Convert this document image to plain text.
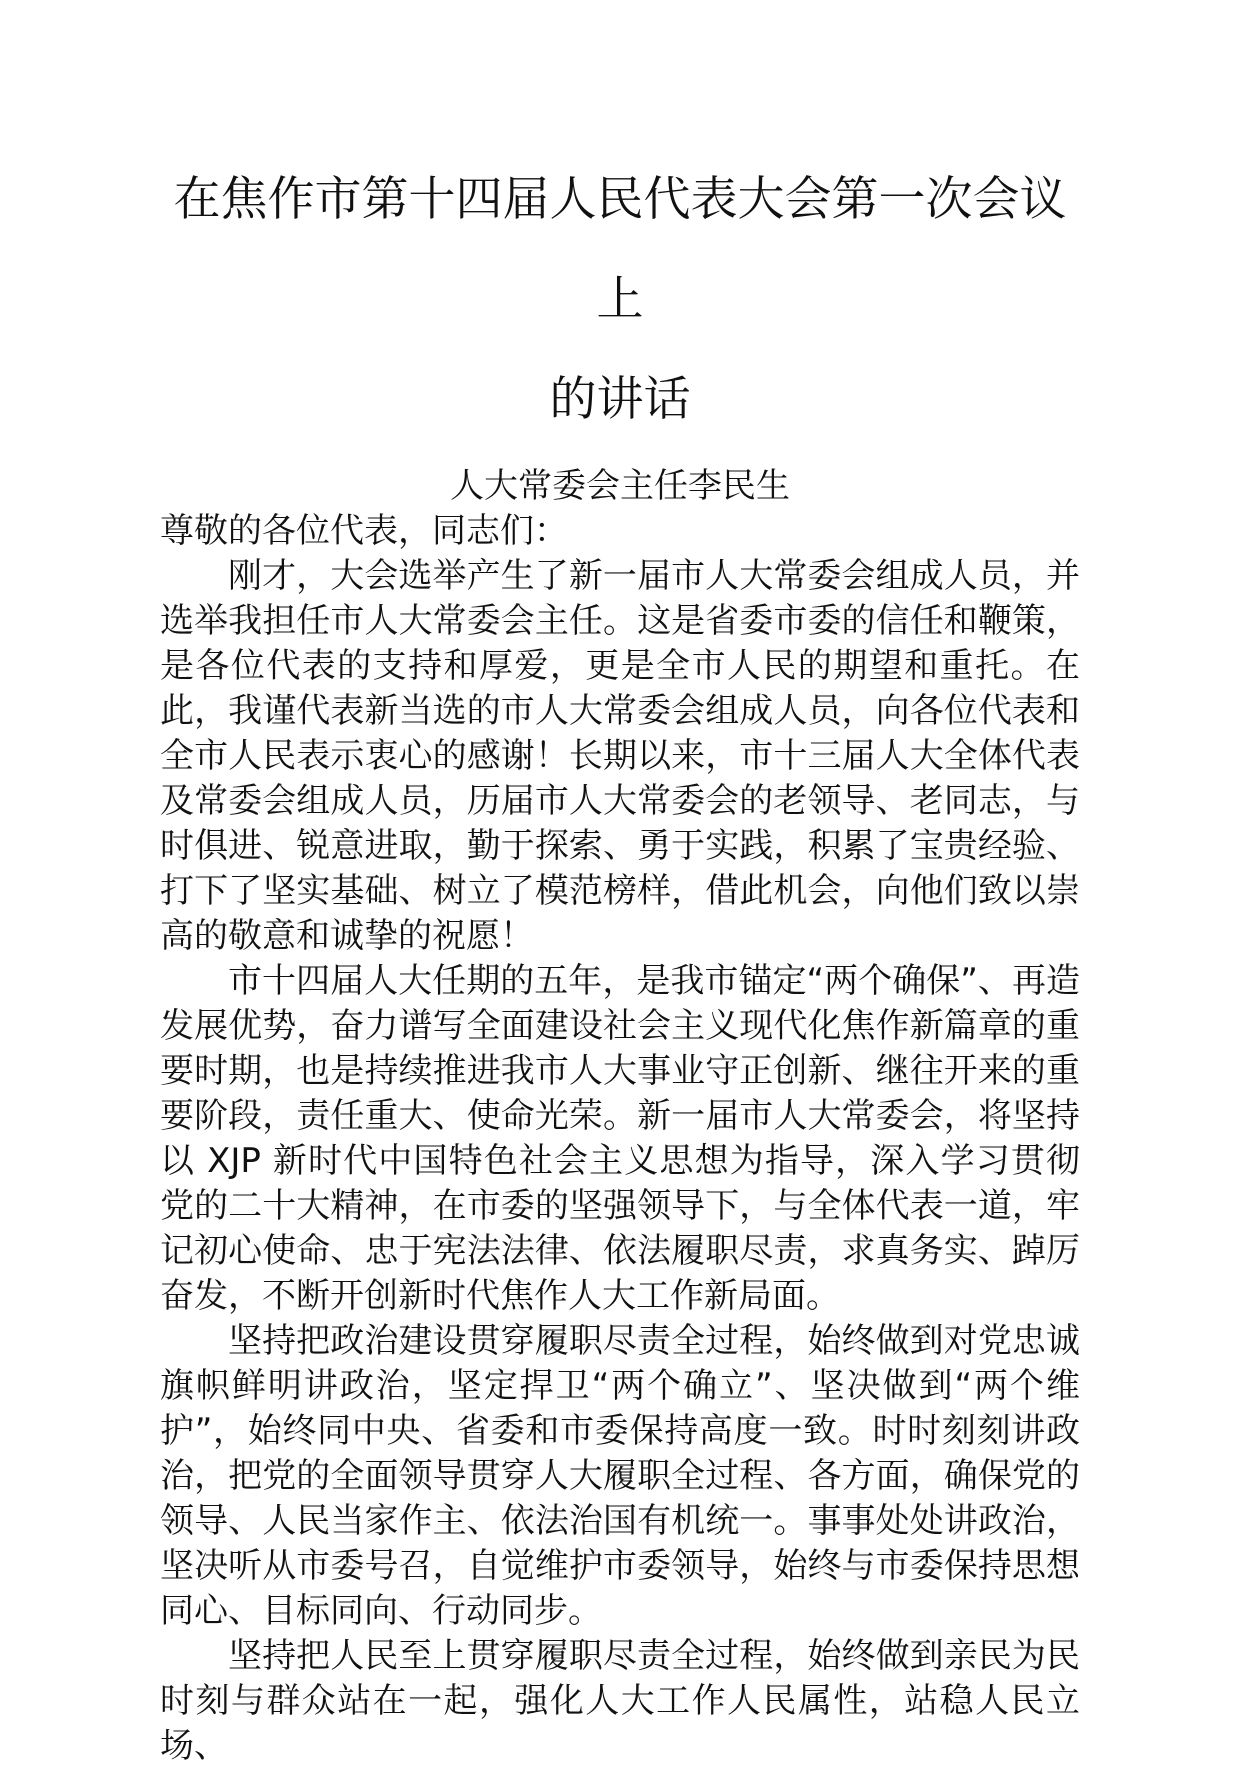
在焦作市第十四届人民代表大会第一次会议上
的讲话
人大常委会主任李民生
尊敬的各位代表，同志们：

刚才，大会选举产生了新一届市人大常委会组成人员，并选举我担任市人大常委会主任。这是省委市委的信任和鞭策，是各位代表的支持和厚爱，更是全市人民的期望和重托。在此，我谨代表新当选的市人大常委会组成人员，向各位代表和全市人民表示衷心的感谢！长期以来，市十三届人大全体代表及常委会组成人员，历届市人大常委会的老领导、老同志，与时俱进、锐意进取，勤于探索、勇于实践，积累了宝贵经验、打下了坚实基础、树立了模范榜样，借此机会，向他们致以崇高的敬意和诚挚的祝愿！

市十四届人大任期的五年，是我市锚定“两个确保”、再造发展优势，奋力谱写全面建设社会主义现代化焦作新篇章的重要时期，也是持续推进我市人大事业守正创新、继往开来的重要阶段，责任重大、使命光荣。新一届市人大常委会，将坚持以 XJP 新时代中国特色社会主义思想为指导，深入学习贯彻党的二十大精神，在市委的坚强领导下，与全体代表一道，牢记初心使命、忠于宪法法律、依法履职尽责，求真务实、踔厉奋发，不断开创新时代焦作人大工作新局面。

坚持把政治建设贯穿履职尽责全过程，始终做到对党忠诚旗帜鲜明讲政治，坚定捍卫“两个确立”、坚决做到“两个维护”，始终同中央、省委和市委保持高度一致。时时刻刻讲政治，把党的全面领导贯穿人大履职全过程、各方面，确保党的领导、人民当家作主、依法治国有机统一。事事处处讲政治，坚决听从市委号召，自觉维护市委领导，始终与市委保持思想同心、目标同向、行动同步。

坚持把人民至上贯穿履职尽责全过程，始终做到亲民为民时刻与群众站在一起，强化人大工作人民属性，站稳人民立场、
